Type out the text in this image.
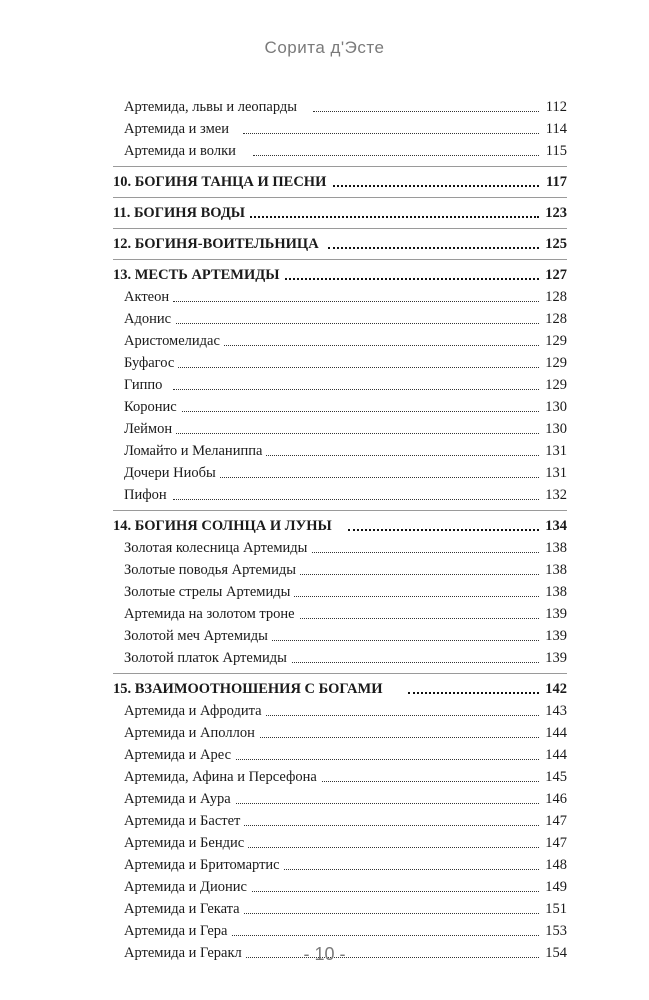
Сорита д'Эсте
Артемида, львы и леопарды	112
Артемида и змеи	114
Артемида и волки	115
10. БОГИНЯ ТАНЦА И ПЕСНИ	117
11. БОГИНЯ ВОДЫ	123
12. БОГИНЯ-ВОИТЕЛЬНИЦА	125
13. МЕСТЬ АРТЕМИДЫ	127
Актеон	128
Адонис	128
Аристомелидас	129
Буфагос	129
Гиппо	129
Коронис	130
Леймон	130
Ломайто и Меланиппа	131
Дочери Ниобы	131
Пифон	132
14. БОГИНЯ СОЛНЦА И ЛУНЫ	134
Золотая колесница Артемиды	138
Золотые поводья Артемиды	138
Золотые стрелы Артемиды	138
Артемида на золотом троне	139
Золотой меч Артемиды	139
Золотой платок Артемиды	139
15. ВЗАИМООТНОШЕНИЯ С БОГАМИ	142
Артемида и Афродита	143
Артемида и Аполлон	144
Артемида и Арес	144
Артемида, Афина и Персефона	145
Артемида и Аура	146
Артемида и Бастет	147
Артемида и Бендис	147
Артемида и Бритомартис	148
Артемида и Дионис	149
Артемида и Геката	151
Артемида и Гера	153
Артемида и Геракл	154
- 10 -
